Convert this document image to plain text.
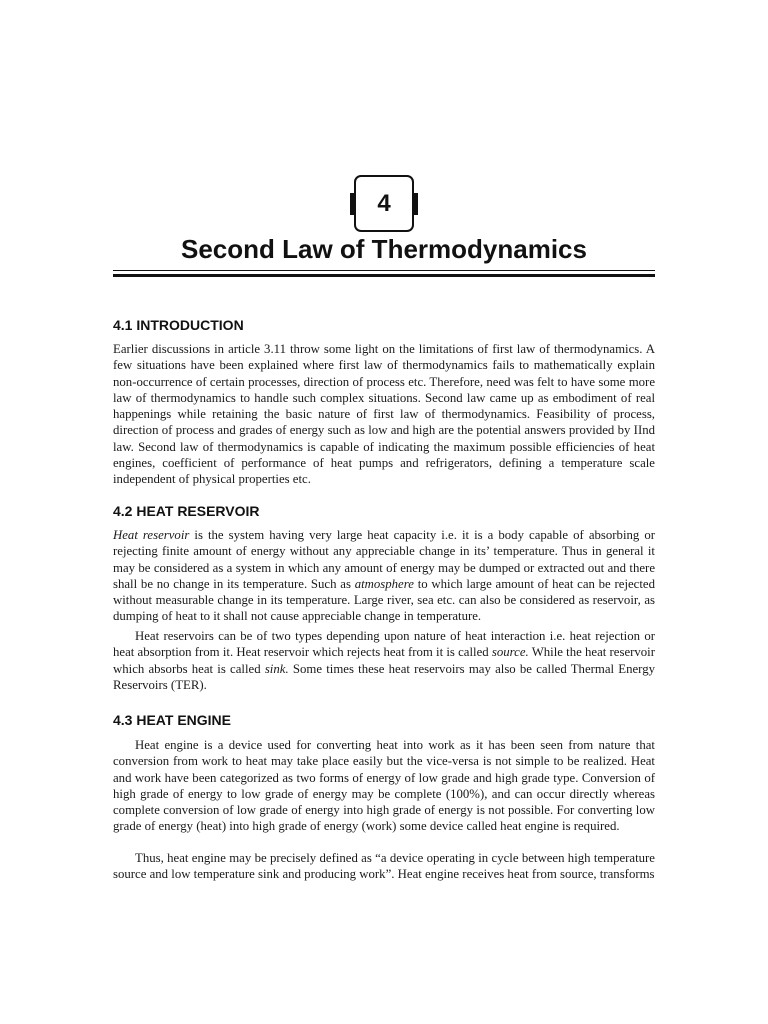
4
Second Law of Thermodynamics
4.1 INTRODUCTION

Earlier discussions in article 3.11 throw some light on the limitations of first law of thermodynamics. A few situations have been explained where first law of thermodynamics fails to mathematically explain non-occurrence of certain processes, direction of process etc. Therefore, need was felt to have some more law of thermodynamics to handle such complex situations. Second law came up as embodiment of real happenings while retaining the basic nature of first law of thermodynamics. Feasibility of process, direction of process and grades of energy such as low and high are the potential answers provided by IInd law. Second law of thermodynamics is capable of indicating the maximum possible efficiencies of heat engines, coefficient of performance of heat pumps and refrigerators, defining a temperature scale independent of physical properties etc.

4.2 HEAT RESERVOIR

Heat reservoir is the system having very large heat capacity i.e. it is a body capable of absorbing or rejecting finite amount of energy without any appreciable change in its’ temperature. Thus in general it may be considered as a system in which any amount of energy may be dumped or extracted out and there shall be no change in its temperature. Such as atmosphere to which large amount of heat can be rejected without measurable change in its temperature. Large river, sea etc. can also be considered as reservoir, as dumping of heat to it shall not cause appreciable change in temperature.

Heat reservoirs can be of two types depending upon nature of heat interaction i.e. heat rejection or heat absorption from it. Heat reservoir which rejects heat from it is called source. While the heat reservoir which absorbs heat is called sink. Some times these heat reservoirs may also be called Thermal Energy Reservoirs (TER).

4.3 HEAT ENGINE

Heat engine is a device used for converting heat into work as it has been seen from nature that conversion from work to heat may take place easily but the vice-versa is not simple to be realized. Heat and work have been categorized as two forms of energy of low grade and high grade type. Conversion of high grade of energy to low grade of energy may be complete (100%), and can occur directly whereas complete conversion of low grade of energy into high grade of energy is not possible. For converting low grade of energy (heat) into high grade of energy (work) some device called heat engine is required.

Thus, heat engine may be precisely defined as “a device operating in cycle between high temperature source and low temperature sink and producing work”. Heat engine receives heat from source, transforms
